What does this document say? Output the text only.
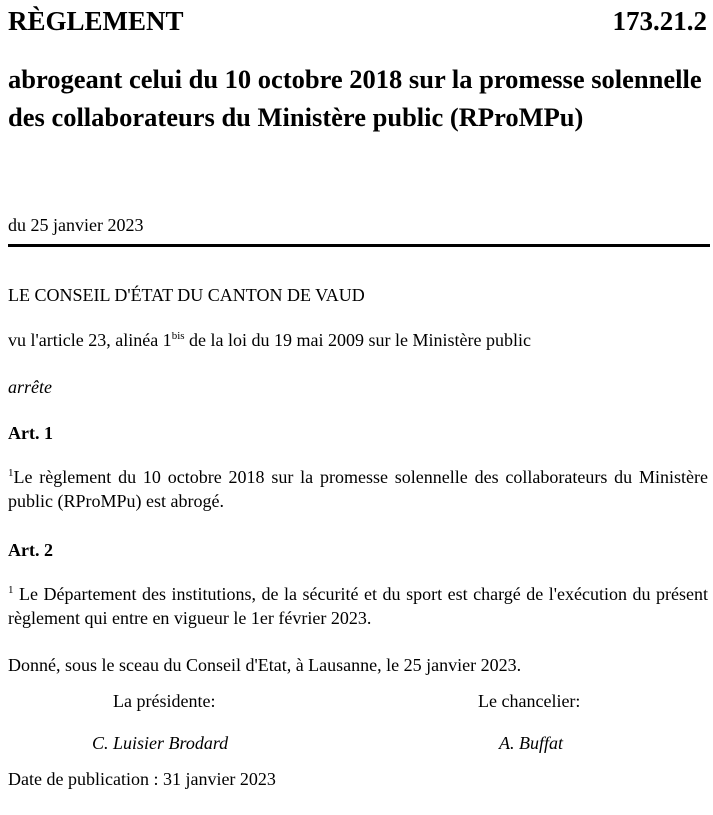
RÈGLEMENT	173.21.2
abrogeant celui du 10 octobre 2018 sur la promesse solennelle des collaborateurs du Ministère public (RProMPu)
du 25 janvier 2023
LE CONSEIL D'ÉTAT DU CANTON DE VAUD
vu l'article 23, alinéa $1^{bis}$ de la loi du 19 mai 2009 sur le Ministère public
arrête
Art. 1
$^1$Le règlement du 10 octobre 2018 sur la promesse solennelle des collaborateurs du Ministère public (RProMPu) est abrogé.
Art. 2
$^1$ Le Département des institutions, de la sécurité et du sport est chargé de l'exécution du présent règlement qui entre en vigueur le 1er février 2023.
Donné, sous le sceau du Conseil d'Etat, à Lausanne, le 25 janvier 2023.
La présidente:	Le chancelier:
C. Luisier Brodard	A. Buffat
Date de publication : 31 janvier 2023
